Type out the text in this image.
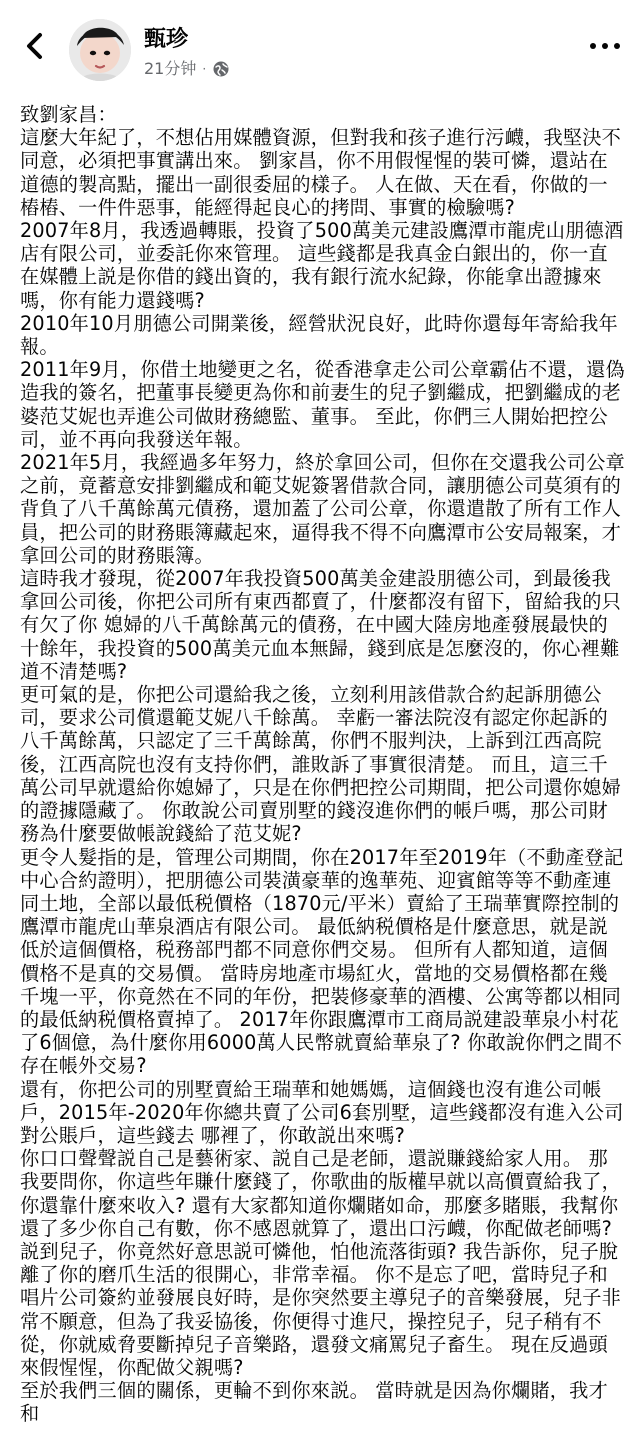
甄珍
21分钟 ·

致劉家昌：

這麼大年紀了，不想佔用媒體資源，但對我和孩子進行污衊，我堅決不同意，必須把事實講出來。 劉家昌，你不用假惺惺的裝可憐，還站在道德的製高點，擺出一副很委屈的樣子。 人在做、天在看，你做的一樁樁、一件件惡事，能經得起良心的拷問、事實的檢驗嗎?

2007年8月，我透過轉賬，投資了500萬美元建設鷹潭市龍虎山朋德酒店有限公司，並委託你來管理。 這些錢都是我真金白銀出的，你一直在媒體上説是你借的錢出資的，我有銀行流水紀錄，你能拿出證據來嗎，你有能力還錢嗎?

2010年10月朋德公司開業後，經營狀況良好，此時你還每年寄給我年報。

2011年9月，你借土地變更之名，從香港拿走公司公章霸佔不還，還偽造我的簽名，把董事長變更為你和前妻生的兒子劉繼成，把劉繼成的老婆范艾妮也弄進公司做財務總監、董事。 至此，你們三人開始把控公司，並不再向我發送年報。

2021年5月，我經過多年努力，終於拿回公司，但你在交還我公司公章之前，竟蓄意安排劉繼成和範艾妮簽署借款合同，讓朋德公司莫須有的背負了八千萬餘萬元債務，還加蓋了公司公章，你還遣散了所有工作人員，把公司的財務賬簿藏起來，逼得我不得不向鷹潭市公安局報案，才拿回公司的財務賬簿。

這時我才發現，從2007年我投資500萬美金建設朋德公司，到最後我拿回公司後，你把公司所有東西都賣了，什麼都沒有留下，留給我的只有欠了你 媳婦的八千萬餘萬元的債務，在中國大陸房地產發展最快的十餘年，我投資的500萬美元血本無歸，錢到底是怎麼沒的，你心裡難道不清楚嗎?

更可氣的是，你把公司還給我之後，立刻利用該借款合約起訴朋德公司，要求公司償還範艾妮八千餘萬。 幸虧一審法院沒有認定你起訴的八千萬餘萬，只認定了三千萬餘萬，你們不服判決，上訴到江西高院後，江西高院也沒有支持你們，誰敗訴了事實很清楚。 而且，這三千萬公司早就還給你媳婦了，只是在你們把控公司期間，把公司還你媳婦的證據隱藏了。 你敢說公司賣別墅的錢沒進你們的帳戶嗎，那公司財務為什麼要做帳說錢給了范艾妮?

更令人髮指的是，管理公司期間，你在2017年至2019年（不動產登記中心合約證明），把朋德公司裝潢豪華的逸華苑、迎賓館等等不動產連同土地，全部以最低税價格（1870元/平米）賣給了王瑞華實際控制的鷹潭市龍虎山華泉酒店有限公司。 最低納税價格是什麼意思，就是説低於這個價格，税務部門都不同意你們交易。 但所有人都知道，這個價格不是真的交易價。 當時房地產市場紅火，當地的交易價格都在幾千塊一平，你竟然在不同的年份，把裝修豪華的酒樓、公寓等都以相同的最低納税價格賣掉了。 2017年你跟鷹潭市工商局説建設華泉小村花了6個億，為什麼你用6000萬人民幣就賣給華泉了? 你敢說你們之間不存在帳外交易?

還有，你把公司的別墅賣給王瑞華和她媽媽，這個錢也沒有進公司帳戶，2015年-2020年你總共賣了公司6套別墅，這些錢都沒有進入公司對公賬戶，這些錢去 哪裡了，你敢説出來嗎?

你口口聲聲説自己是藝術家、説自己是老師，還説賺錢給家人用。 那我要問你，你這些年賺什麼錢了，你歌曲的版權早就以高價賣給我了，你還靠什麼來收入? 還有大家都知道你爛賭如命，那麼多賭賬，我幫你還了多少你自己有數，你不感恩就算了，還出口污衊，你配做老師嗎?

説到兒子，你竟然好意思説可憐他，怕他流落街頭? 我告訴你，兒子脫離了你的磨爪生活的很開心，非常幸福。 你不是忘了吧，當時兒子和唱片公司簽約並發展良好時，是你突然要主導兒子的音樂發展，兒子非常不願意，但為了我妥協後，你便得寸進尺，操控兒子，兒子稍有不從，你就威脅要斷掉兒子音樂路，還發文痛罵兒子畜生。 現在反過頭來假惺惺，你配做父親嗎?

至於我們三個的關係，更輪不到你來説。 當時就是因為你爛賭，我才和
